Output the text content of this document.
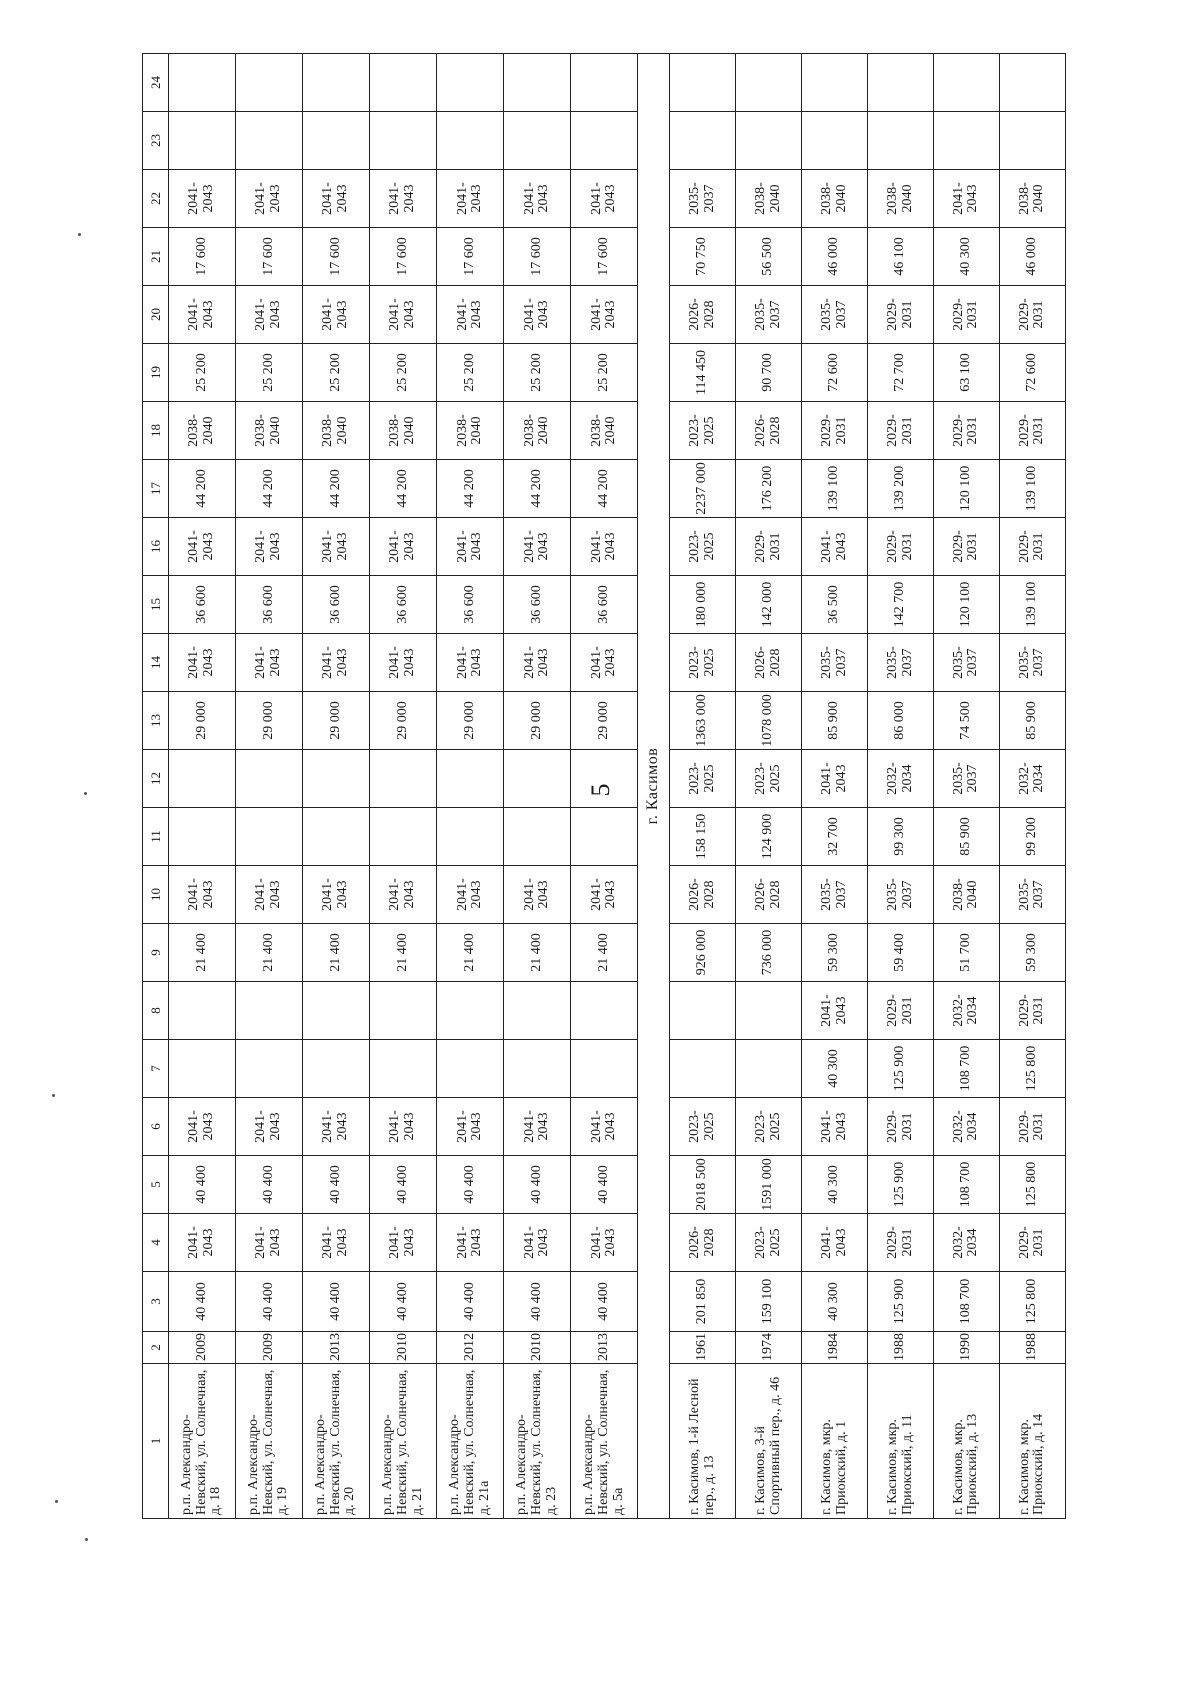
5
1	2	3	4	5	6	7	8	9	10	11	12	13	14	15	16	17	18	19	20	21	22	23	24
р.п. Александро-Невский, ул. Солнечная, д. 18	2009	40 400	2041-2043	40 400	2041-2043			21 400	2041-2043			29 000	2041-2043	36 600	2041-2043	44 200	2038-2040	25 200	2041-2043	17 600	2041-2043		
р.п. Александро-Невский, ул. Солнечная, д. 19	2009	40 400	2041-2043	40 400	2041-2043			21 400	2041-2043			29 000	2041-2043	36 600	2041-2043	44 200	2038-2040	25 200	2041-2043	17 600	2041-2043		
р.п. Александро-Невский, ул. Солнечная, д. 20	2013	40 400	2041-2043	40 400	2041-2043			21 400	2041-2043			29 000	2041-2043	36 600	2041-2043	44 200	2038-2040	25 200	2041-2043	17 600	2041-2043		
р.п. Александро-Невский, ул. Солнечная, д. 21	2010	40 400	2041-2043	40 400	2041-2043			21 400	2041-2043			29 000	2041-2043	36 600	2041-2043	44 200	2038-2040	25 200	2041-2043	17 600	2041-2043		
р.п. Александро-Невский, ул. Солнечная, д. 21а	2012	40 400	2041-2043	40 400	2041-2043			21 400	2041-2043			29 000	2041-2043	36 600	2041-2043	44 200	2038-2040	25 200	2041-2043	17 600	2041-2043		
р.п. Александро-Невский, ул. Солнечная, д. 23	2010	40 400	2041-2043	40 400	2041-2043			21 400	2041-2043			29 000	2041-2043	36 600	2041-2043	44 200	2038-2040	25 200	2041-2043	17 600	2041-2043		
р.п. Александро-Невский, ул. Солнечная, д. 5а	2013	40 400	2041-2043	40 400	2041-2043			21 400	2041-2043			29 000	2041-2043	36 600	2041-2043	44 200	2038-2040	25 200	2041-2043	17 600	2041-2043		
г. Касимов																							
г. Касимов, 1-й Лесной пер., д. 13	1961	201 850	2026-2028	2018 500	2023-2025			926 000	2026-2028	158 150	2023-2025	1363 000	2023-2025	180 000	2023-2025	2237 000	2023-2025	114 450	2026-2028	70 750	2035-2037		
г. Касимов, 3-й Спортивный пер., д. 46	1974	159 100	2023-2025	1591 000	2023-2025			736 000	2026-2028	124 900	2023-2025	1078 000	2026-2028	142 000	2029-2031	176 200	2026-2028	90 700	2035-2037	56 500	2038-2040		
г. Касимов, мкр. Приокский, д. 1	1984	40 300	2041-2043	40 300	2041-2043	40 300	2041-2043	59 300	2035-2037	32 700	2041-2043	85 900	2035-2037	36 500	2041-2043	139 100	2029-2031	72 600	2035-2037	46 000	2038-2040		
г. Касимов, мкр. Приокский, д. 11	1988	125 900	2029-2031	125 900	2029-2031	125 900	2029-2031	59 400	2035-2037	99 300	2032-2034	86 000	2035-2037	142 700	2029-2031	139 200	2029-2031	72 700	2029-2031	46 100	2038-2040		
г. Касимов, мкр. Приокский, д. 13	1990	108 700	2032-2034	108 700	2032-2034	108 700	2032-2034	51 700	2038-2040	85 900	2035-2037	74 500	2035-2037	120 100	2029-2031	120 100	2029-2031	63 100	2029-2031	40 300	2041-2043		
г. Касимов, мкр. Приокский, д. 14	1988	125 800	2029-2031	125 800	2029-2031	125 800	2029-2031	59 300	2035-2037	99 200	2032-2034	85 900	2035-2037	139 100	2029-2031	139 100	2029-2031	72 600	2029-2031	46 000	2038-2040		
